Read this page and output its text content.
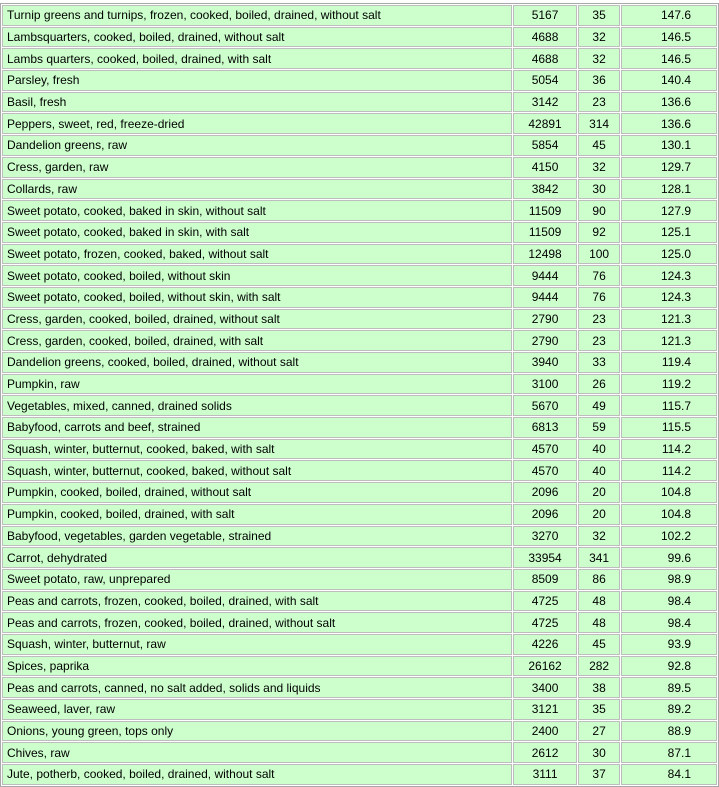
Turnip greens and turnips, frozen, cooked, boiled, drained, without salt	5167	35	147.6
Lambsquarters, cooked, boiled, drained, without salt	4688	32	146.5
Lambs quarters, cooked, boiled, drained, with salt	4688	32	146.5
Parsley, fresh	5054	36	140.4
Basil, fresh	3142	23	136.6
Peppers, sweet, red, freeze-dried	42891	314	136.6
Dandelion greens, raw	5854	45	130.1
Cress, garden, raw	4150	32	129.7
Collards, raw	3842	30	128.1
Sweet potato, cooked, baked in skin, without salt	11509	90	127.9
Sweet potato, cooked, baked in skin, with salt	11509	92	125.1
Sweet potato, frozen, cooked, baked, without salt	12498	100	125.0
Sweet potato, cooked, boiled, without skin	9444	76	124.3
Sweet potato, cooked, boiled, without skin, with salt	9444	76	124.3
Cress, garden, cooked, boiled, drained, without salt	2790	23	121.3
Cress, garden, cooked, boiled, drained, with salt	2790	23	121.3
Dandelion greens, cooked, boiled, drained, without salt	3940	33	119.4
Pumpkin, raw	3100	26	119.2
Vegetables, mixed, canned, drained solids	5670	49	115.7
Babyfood, carrots and beef, strained	6813	59	115.5
Squash, winter, butternut, cooked, baked, with salt	4570	40	114.2
Squash, winter, butternut, cooked, baked, without salt	4570	40	114.2
Pumpkin, cooked, boiled, drained, without salt	2096	20	104.8
Pumpkin, cooked, boiled, drained, with salt	2096	20	104.8
Babyfood, vegetables, garden vegetable, strained	3270	32	102.2
Carrot, dehydrated	33954	341	99.6
Sweet potato, raw, unprepared	8509	86	98.9
Peas and carrots, frozen, cooked, boiled, drained, with salt	4725	48	98.4
Peas and carrots, frozen, cooked, boiled, drained, without salt	4725	48	98.4
Squash, winter, butternut, raw	4226	45	93.9
Spices, paprika	26162	282	92.8
Peas and carrots, canned, no salt added, solids and liquids	3400	38	89.5
Seaweed, laver, raw	3121	35	89.2
Onions, young green, tops only	2400	27	88.9
Chives, raw	2612	30	87.1
Jute, potherb, cooked, boiled, drained, without salt	3111	37	84.1
